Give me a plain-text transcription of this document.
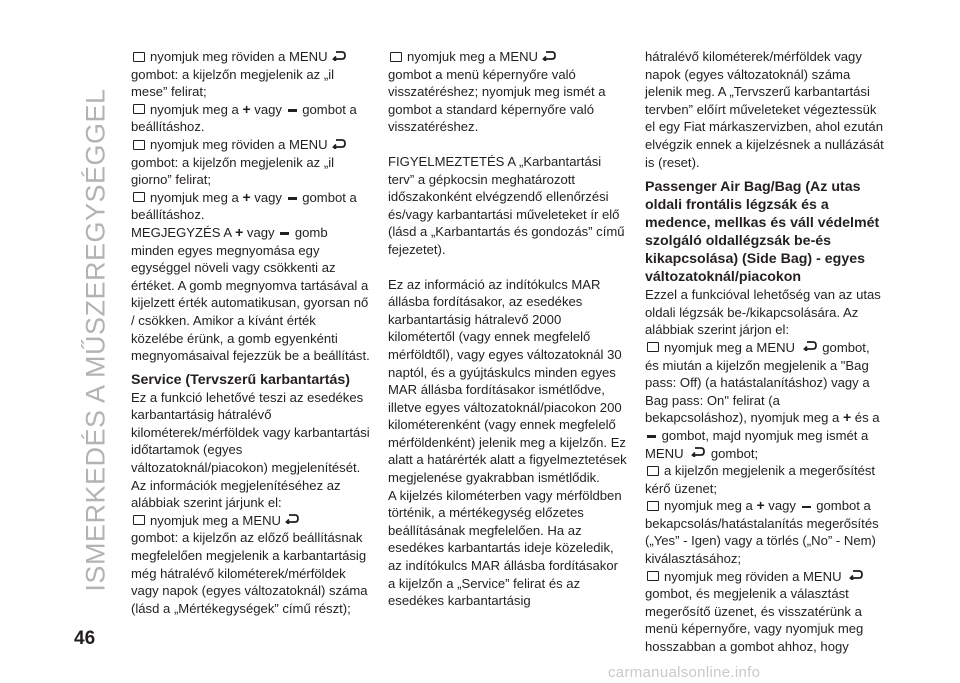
ISMERKEDÉS A MŰSZEREGYSÉGGEL

nyomjuk meg röviden a MENU

gombot: a kijelzőn megjelenik az „il mese” felirat;

nyomjuk meg a + vagy gombot a beállításhoz.

nyomjuk meg röviden a MENU

gombot: a kijelzőn megjelenik az „il giorno” felirat;

nyomjuk meg a + vagy gombot a beállításhoz.

MEGJEGYZÉS A + vagy gomb minden egyes megnyomása egy egységgel növeli vagy csökkenti az értéket. A gomb megnyomva tartásával a kijelzett érték automatikusan, gyorsan nő / csökken. Amikor a kívánt érték közelébe érünk, a gomb egyenkénti megnyomásaival fejezzük be a beállítást.

Service (Tervszerű karbantartás)

Ez a funkció lehetővé teszi az esedékes karbantartásig hátralévő kilométerek/mérföldek vagy karbantartási időtartamok (egyes változatoknál/piacokon) megjelenítését. Az információk megjelenítéséhez az alábbiak szerint járjunk el:

nyomjuk meg a MENU

gombot: a kijelzőn az előző beállításnak megfelelően megjelenik a karbantartásig még hátralévő kilométerek/mérföldek vagy napok (egyes változatoknál) száma (lásd a „Mértékegységek” című részt);

nyomjuk meg a MENU

gombot a menü képernyőre való visszatéréshez; nyomjuk meg ismét a gombot a standard képernyőre való visszatéréshez.

FIGYELMEZTETÉS A „Karbantartási terv” a gépkocsin meghatározott időszakonként elvégzendő ellenőrzési és/vagy karbantartási műveleteket ír elő (lásd a „Karbantartás és gondozás” című fejezetet).

Ez az információ az indítókulcs MAR állásba fordításakor, az esedékes karbantartásig hátralevő 2000 kilométertől (vagy ennek megfelelő mérföldtől), vagy egyes változatoknál 30 naptól, és a gyújtáskulcs minden egyes MAR állásba fordításakor ismétlődve, illetve egyes változatoknál/piacokon 200 kilométerenként (vagy ennek megfelelő mérföldenként) jelenik meg a kijelzőn. Ez alatt a határérték alatt a figyelmeztetések megjelenése gyakrabban ismétlődik.

A kijelzés kilométerben vagy mérföldben történik, a mértékegység előzetes beállításának megfelelően. Ha az esedékes karbantartás ideje közeledik, az indítókulcs MAR állásba fordításakor a kijelzőn a „Service” felirat és az esedékes karbantartásig

hátralévő kilométerek/mérföldek vagy napok (egyes változatoknál) száma jelenik meg. A „Tervszerű karbantartási tervben” előírt műveleteket végeztessük el egy Fiat márkaszervizben, ahol ezután elvégzik ennek a kijelzésnek a nullázását is (reset).

Passenger Air Bag/Bag (Az utas oldali frontális légzsák és a medence, mellkas és váll védelmét szolgáló oldallégzsák be-és kikapcsolása) (Side Bag) - egyes változatoknál/piacokon

Ezzel a funkcióval lehetőség van az utas oldali légzsák be-/kikapcsolására. Az alábbiak szerint járjon el:

nyomjuk meg a MENU gombot, és miután a kijelzőn megjelenik a "Bag pass: Off) (a hatástalanításhoz) vagy a Bag pass: On" felirat (a bekapcsoláshoz), nyomjuk meg a + és a  gombot, majd nyomjuk meg ismét a MENU gombot;

a kijelzőn megjelenik a megerősítést kérő üzenet;

nyomjuk meg a + vagy gombot a bekapcsolás/hatástalanítás megerősítés („Yes” - Igen) vagy a törlés („No” - Nem) kiválasztásához;

nyomjuk meg röviden a MENU  gombot, és megjelenik a választást megerősítő üzenet, és visszatérünk a menü képernyőre, vagy nyomjuk meg hosszabban a gombot ahhoz, hogy

46
carmanualsonline.info
